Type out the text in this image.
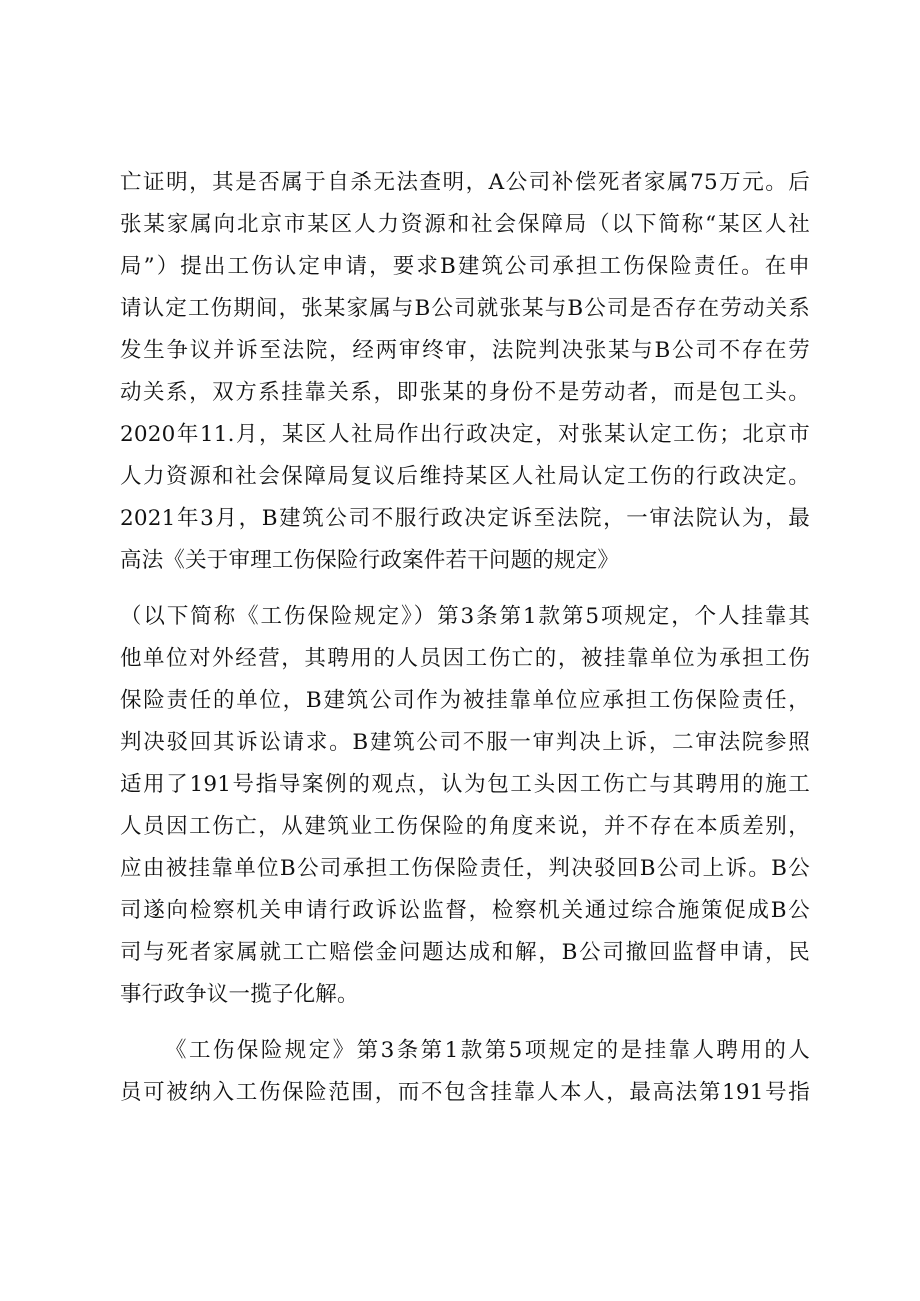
亡证明，其是否属于自杀无法查明，A公司补偿死者家属75万元。后
张某家属向北京市某区人力资源和社会保障局（以下简称“某区人社
局”）提出工伤认定申请，要求B建筑公司承担工伤保险责任。在申
请认定工伤期间，张某家属与B公司就张某与B公司是否存在劳动关系
发生争议并诉至法院，经两审终审，法院判决张某与B公司不存在劳
动关系，双方系挂靠关系，即张某的身份不是劳动者，而是包工头。
2020年11.月，某区人社局作出行政决定，对张某认定工伤；北京市
人力资源和社会保障局复议后维持某区人社局认定工伤的行政决定。
2021年3月，B建筑公司不服行政决定诉至法院，一审法院认为，最
高法《关于审理工伤保险行政案件若干问题的规定》
（以下简称《工伤保险规定》）第3条第1款第5项规定，个人挂靠其
他单位对外经营，其聘用的人员因工伤亡的，被挂靠单位为承担工伤
保险责任的单位，B建筑公司作为被挂靠单位应承担工伤保险责任，
判决驳回其诉讼请求。B建筑公司不服一审判决上诉，二审法院参照
适用了191号指导案例的观点，认为包工头因工伤亡与其聘用的施工
人员因工伤亡，从建筑业工伤保险的角度来说，并不存在本质差别，
应由被挂靠单位B公司承担工伤保险责任，判决驳回B公司上诉。B公
司遂向检察机关申请行政诉讼监督，检察机关通过综合施策促成B公
司与死者家属就工亡赔偿金问题达成和解，B公司撤回监督申请，民
事行政争议一揽子化解。
《工伤保险规定》第3条第1款第5项规定的是挂靠人聘用的人
员可被纳入工伤保险范围，而不包含挂靠人本人，最高法第191号指
